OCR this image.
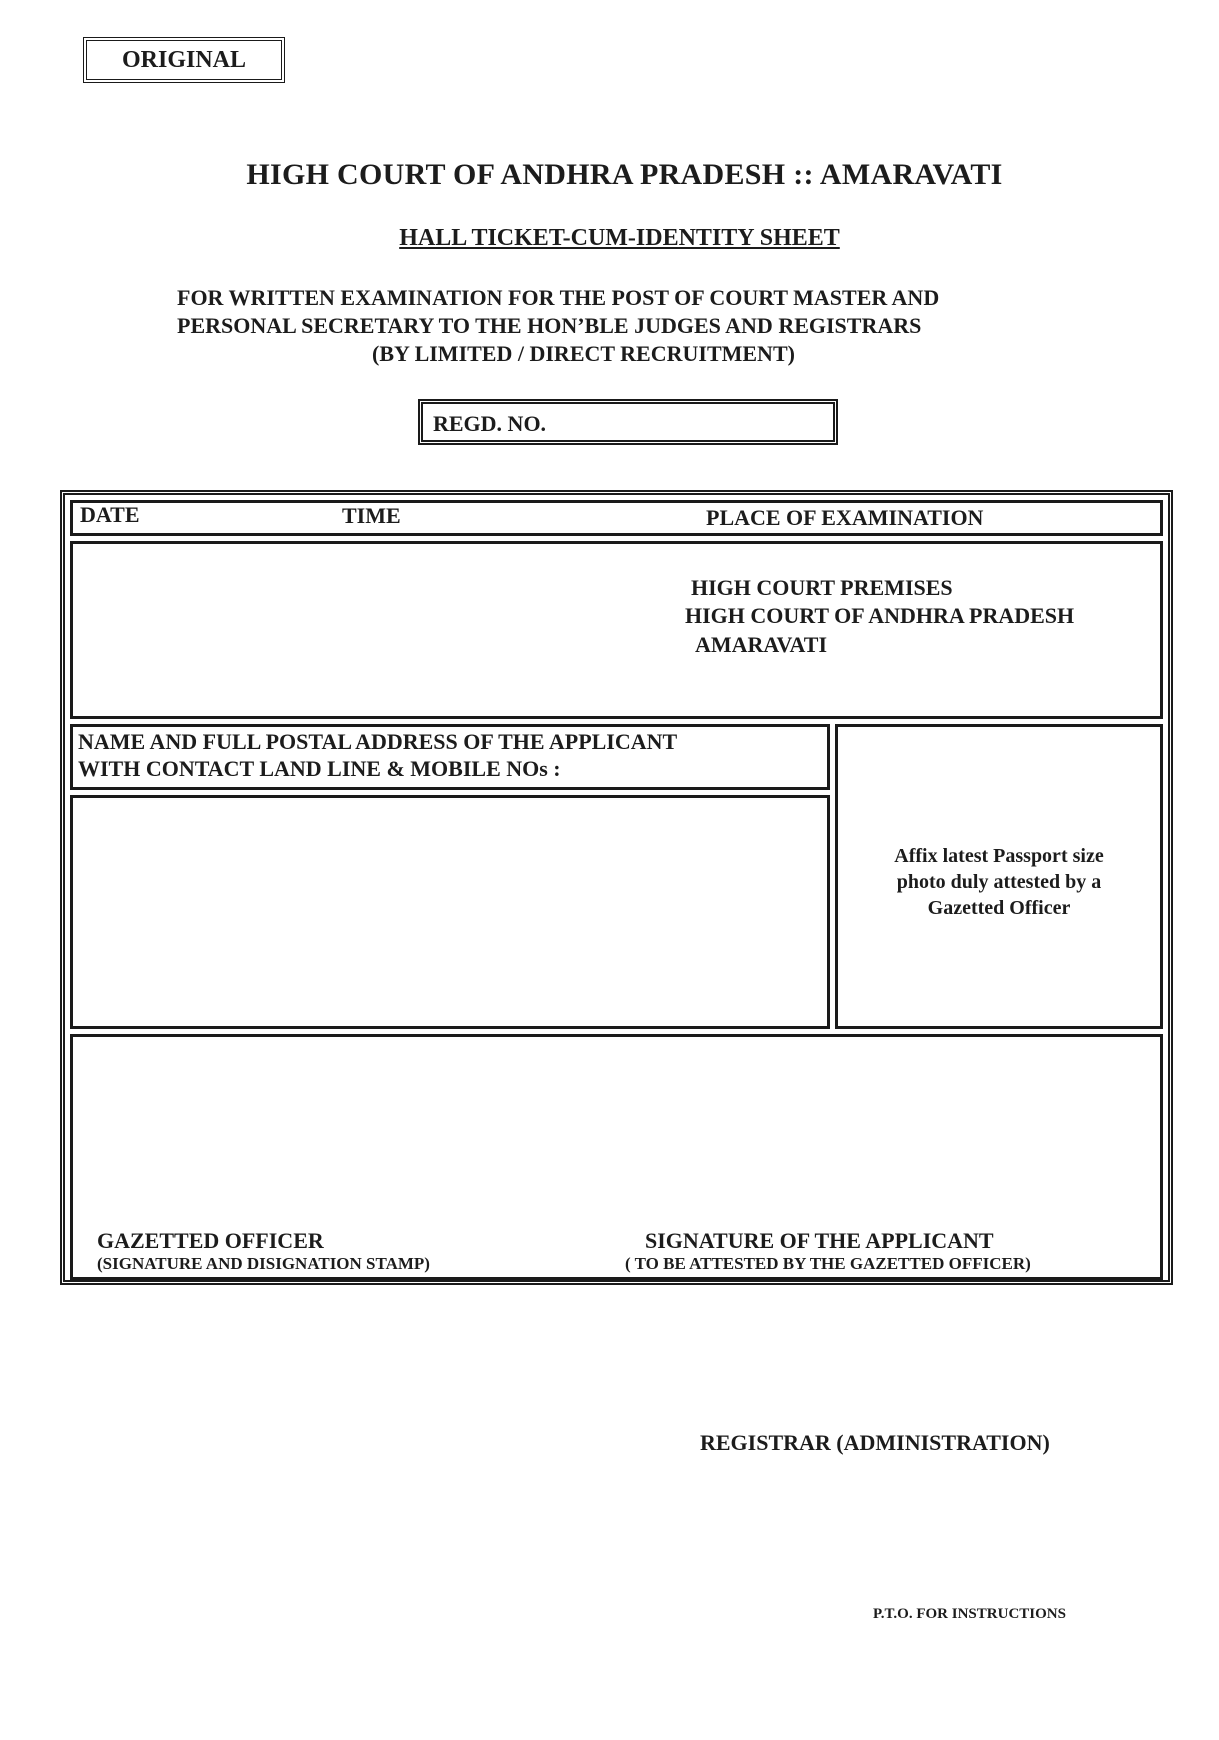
ORIGINAL
HIGH COURT OF ANDHRA PRADESH :: AMARAVATI
HALL TICKET-CUM-IDENTITY SHEET
FOR WRITTEN EXAMINATION FOR THE POST OF COURT MASTER AND
PERSONAL SECRETARY TO THE HON’BLE JUDGES AND REGISTRARS
(BY LIMITED / DIRECT RECRUITMENT)
REGD. NO.
DATE	TIME	PLACE OF EXAMINATION
HIGH COURT PREMISES
HIGH COURT OF ANDHRA PRADESH
AMARAVATI
NAME AND FULL POSTAL ADDRESS OF THE APPLICANT
WITH CONTACT LAND LINE & MOBILE NOs :
Affix latest Passport size
photo duly attested by a
Gazetted Officer
GAZETTED OFFICER
(SIGNATURE AND DISIGNATION STAMP)
SIGNATURE OF THE APPLICANT
( TO BE ATTESTED BY THE GAZETTED OFFICER)
REGISTRAR (ADMINISTRATION)
P.T.O. FOR INSTRUCTIONS
